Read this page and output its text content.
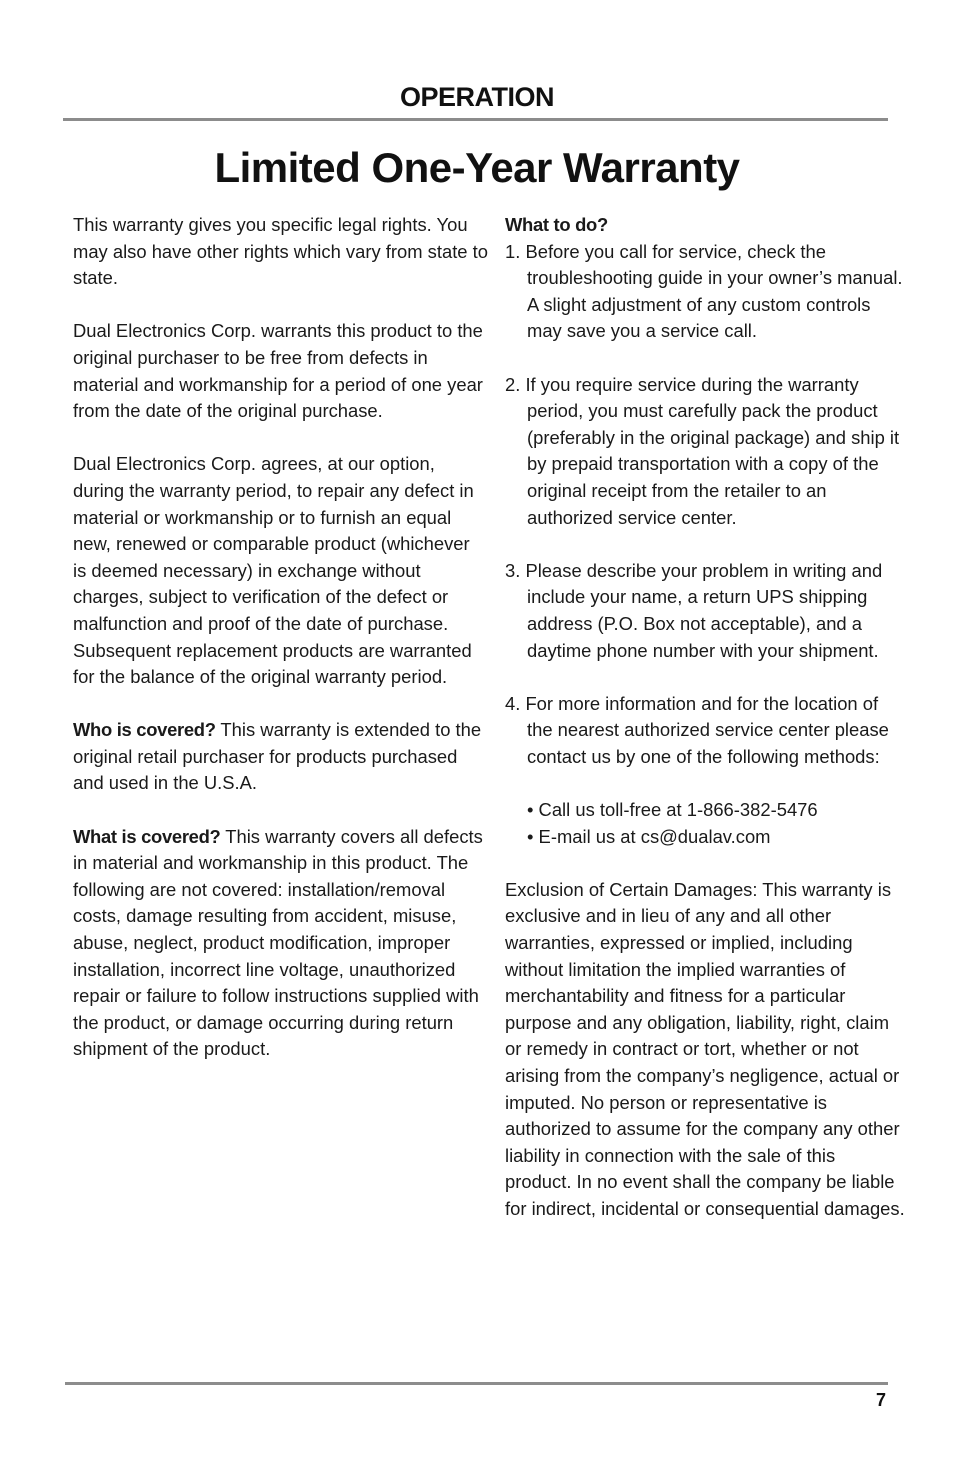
OPERATION
Limited One-Year Warranty

This warranty gives you specific legal rights. You may also have other rights which vary from state to state.

Dual Electronics Corp. warrants this product to the original purchaser to be free from defects in material and workmanship for a period of one year from the date of the original purchase.

Dual Electronics Corp. agrees, at our option, during the warranty period, to repair any defect in material or workmanship or to furnish an equal new, renewed or comparable product (whichever is deemed necessary) in exchange without charges, subject to verification of the defect or malfunction and proof of the date of purchase. Subsequent replacement products are warranted for the balance of the original warranty period.

Who is covered? This warranty is extended to the original retail purchaser for products purchased and used in the U.S.A.

What is covered? This warranty covers all defects in material and workmanship in this product. The following are not covered: installation/removal costs, damage resulting from accident, misuse, abuse, neglect, product modification, improper installation, incorrect line voltage, unauthorized repair or failure to follow instructions supplied with the product, or damage occurring during return shipment of the product.

What to do?

1. Before you call for service, check the troubleshooting guide in your owner’s manual. A slight adjustment of any custom controls may save you a service call.

2. If you require service during the warranty period, you must carefully pack the product (preferably in the original package) and ship it by prepaid transportation with a copy of the original receipt from the retailer to an authorized service center.

3. Please describe your problem in writing and include your name, a return UPS shipping address (P.O. Box not acceptable), and a daytime phone number with your shipment.

4. For more information and for the location of the nearest authorized service center please contact us by one of the following methods:

• Call us toll-free at 1-866-382-5476
• E-mail us at cs@dualav.com

Exclusion of Certain Damages: This warranty is exclusive and in lieu of any and all other warranties, expressed or implied, including without limitation the implied warranties of merchantability and fitness for a particular purpose and any obligation, liability, right, claim or remedy in contract or tort, whether or not arising from the company’s negligence, actual or imputed. No person or representative is authorized to assume for the company any other liability in connection with the sale of this product. In no event shall the company be liable for indirect, incidental or consequential damages.

7
